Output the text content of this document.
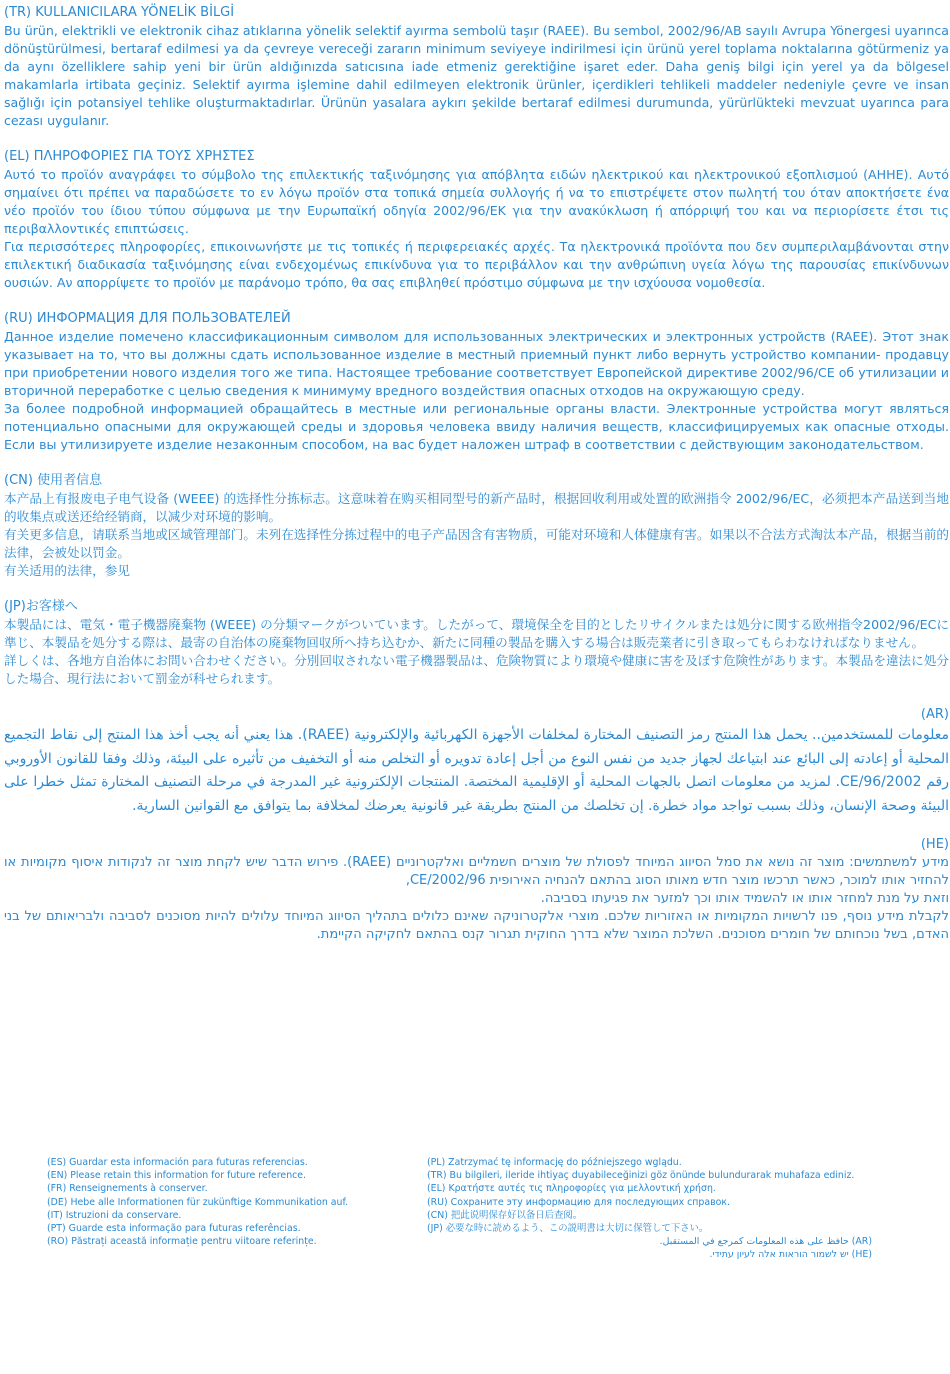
(TR) KULLANICILARA YÖNELİK BİLGİ

Bu ürün, elektrikli ve elektronik cihaz atıklarına yönelik selektif ayırma sembolü taşır (RAEE). Bu sembol, 2002/96/AB sayılı Avrupa Yönergesi uyarınca dönüştürülmesi, bertaraf edilmesi ya da çevreye vereceği zararın minimum seviyeye indirilmesi için ürünü yerel toplama noktalarına götürmeniz ya da aynı özelliklere sahip yeni bir ürün aldığınızda satıcısına iade etmeniz gerektiğine işaret eder. Daha geniş bilgi için yerel ya da bölgesel makamlarla irtibata geçiniz. Selektif ayırma işlemine dahil edilmeyen elektronik ürünler, içerdikleri tehlikeli maddeler nedeniyle çevre ve insan sağlığı için potansiyel tehlike oluşturmaktadırlar. Ürünün yasalara aykırı şekilde bertaraf edilmesi durumunda, yürürlükteki mevzuat uyarınca para cezası uygulanır.

(EL) ΠΛΗΡΟΦΟΡΙΕΣ ΓΙΑ ΤΟΥΣ ΧΡΗΣΤΕΣ

Αυτό το προϊόν αναγράφει το σύμβολο της επιλεκτικής ταξινόμησης για απόβλητα ειδών ηλεκτρικού και ηλεκτρονικού εξοπλισμού (ΑΗΗΕ). Αυτό σημαίνει ότι πρέπει να παραδώσετε το εν λόγω προϊόν στα τοπικά σημεία συλλογής ή να το επιστρέψετε στον πωλητή του όταν αποκτήσετε ένα νέο προϊόν του ίδιου τύπου σύμφωνα με την Ευρωπαϊκή οδηγία 2002/96/ΕΚ για την ανακύκλωση ή απόρριψή του και να περιορίσετε έτσι τις περιβαλλοντικές επιπτώσεις.

Για περισσότερες πληροφορίες, επικοινωνήστε με τις τοπικές ή περιφερειακές αρχές. Τα ηλεκτρονικά προϊόντα που δεν συμπεριλαμβάνονται στην επιλεκτική διαδικασία ταξινόμησης είναι ενδεχομένως επικίνδυνα για το περιβάλλον και την ανθρώπινη υγεία λόγω της παρουσίας επικίνδυνων ουσιών. Αν απορρίψετε το προϊόν με παράνομο τρόπο, θα σας επιβληθεί πρόστιμο σύμφωνα με την ισχύουσα νομοθεσία.

(RU) ИНФОРМАЦИЯ ДЛЯ ПОЛЬЗОВАТЕЛЕЙ

Данное изделие помечено классификационным символом для использованных электрических и электронных устройств (RAEE). Этот знак указывает на то, что вы должны сдать использованное изделие в местный приемный пункт либо вернуть устройство компании- продавцу при приобретении нового изделия того же типа. Настоящее требование соответствует Европейской директиве 2002/96/CE об утилизации и вторичной переработке с целью сведения к минимуму вредного воздействия опасных отходов на окружающую среду.

За более подробной информацией обращайтесь в местные или региональные органы власти. Электронные устройства могут являться потенциально опасными для окружающей среды и здоровья человека ввиду наличия веществ, классифицируемых как опасные отходы. Если вы утилизируете изделие незаконным способом, на вас будет наложен штраф в соответствии с действующим законодательством.

(CN) 使用者信息

本产品上有报废电子电气设备 (WEEE) 的选择性分拣标志。这意味着在购买相同型号的新产品时，根据回收利用或处置的欧洲指令 2002/96/EC，必须把本产品送到当地的收集点或送还给经销商，以减少对环境的影响。

有关更多信息，请联系当地或区域管理部门。未列在选择性分拣过程中的电子产品因含有害物质，可能对环境和人体健康有害。如果以不合法方式淘汰本产品，根据当前的法律，会被处以罚金。

有关适用的法律，参见

(JP)お客様へ

本製品には、電気・電子機器廃棄物 (WEEE) の分類マークがついています。したがって、環境保全を目的としたリサイクルまたは処分に関する欧州指令2002/96/ECに準じ、本製品を処分する際は、最寄の自治体の廃棄物回収所へ持ち込むか、新たに同種の製品を購入する場合は販売業者に引き取ってもらわなければなりません。

詳しくは、各地方自治体にお問い合わせください。分別回収されない電子機器製品は、危険物質により環境や健康に害を及ぼす危険性があります。本製品を違法に処分した場合、現行法において罰金が科せられます。

(AR)

معلومات للمستخدمين.. يحمل هذا المنتج رمز التصنيف المختارة لمخلفات الأجهزة الكهربائية والإلكترونية (RAEE). هذا يعني أنه يجب أخذ هذا المنتج إلى نقاط التجميع المحلية أو إعادته إلى البائع عند ابتياعك لجهاز جديد من نفس النوع من أجل إعادة تدويره أو التخلص منه أو التخفيف من تأثيره على البيئة، وذلك وفقا للقانون الأوروبي رقم CE/96/2002. لمزيد من معلومات اتصل بالجهات المحلية أو الإقليمية المختصة. المنتجات الإلكترونية غير المدرجة في مرحلة التصنيف المختارة تمثل خطرا على البيئة وصحة الإنسان، وذلك بسبب تواجد مواد خطرة. إن تخلصك من المنتج بطريقة غير قانونية يعرضك لمخلافة بما يتوافق مع القوانين السارية.

(HE)

מידע למשתמשים: מוצר זה נושא את סמל הסיווג המיוחד לפסולת של מוצרים חשמליים ואלקטרוניים (RAEE). פירוש הדבר שיש לקחת מוצר זה לנקודות איסוף מקומיות או להחזיר אותו למוכר, כאשר תרכשו מוצר חדש מאותו הסוג בהתאם להנחיה האירופית 2002/96/CE,

וזאת על מנת למחזר אותו או להשמיד אותו וכך למזער את פגיעתו בסביבה.

לקבלת מידע נוסף, פנו לרשויות המקומיות או האזוריות שלכם. מוצרי אלקטרוניקה שאינם כלולים בתהליך הסיווג המיוחד עלולים להיות מסוכנים לסביבה ולבריאותם של בני האדם, בשל נוכחותם של חומרים מסוכנים. השלכת המוצר שלא בדרך החוקית תגרור קנס בהתאם לחקיקה הקיימת.

(ES) Guardar esta información para futuras referencias.

(EN) Please retain this information for future reference.

(FR) Renseignements à conserver.

(DE) Hebe alle Informationen für zukünftige Kommunikation auf.

(IT) Istruzioni da conservare.

(PT) Guarde esta informação para futuras referências.

(RO) Păstrați această informație pentru viitoare referințe.

(PL) Zatrzymać tę informację do późniejszego wglądu.

(TR) Bu bilgileri, ileride ihtiyaç duyabileceğinizi göz önünde bulundurarak muhafaza ediniz.

(EL) Κρατήστε αυτές τις πληροφορίες για μελλοντική χρήση.

(RU) Сохраните эту информацию для последующих справок.

(CN) 把此说明保存好以备日后查阅。

(JP) 必要な時に読めるよう、この説明書は大切に保管して下さい。

(AR) حافظ على هذه المعلومات كمرجع في المستقبل.

(HE) יש לשמור הוראות אלה לעיון עתידי.
